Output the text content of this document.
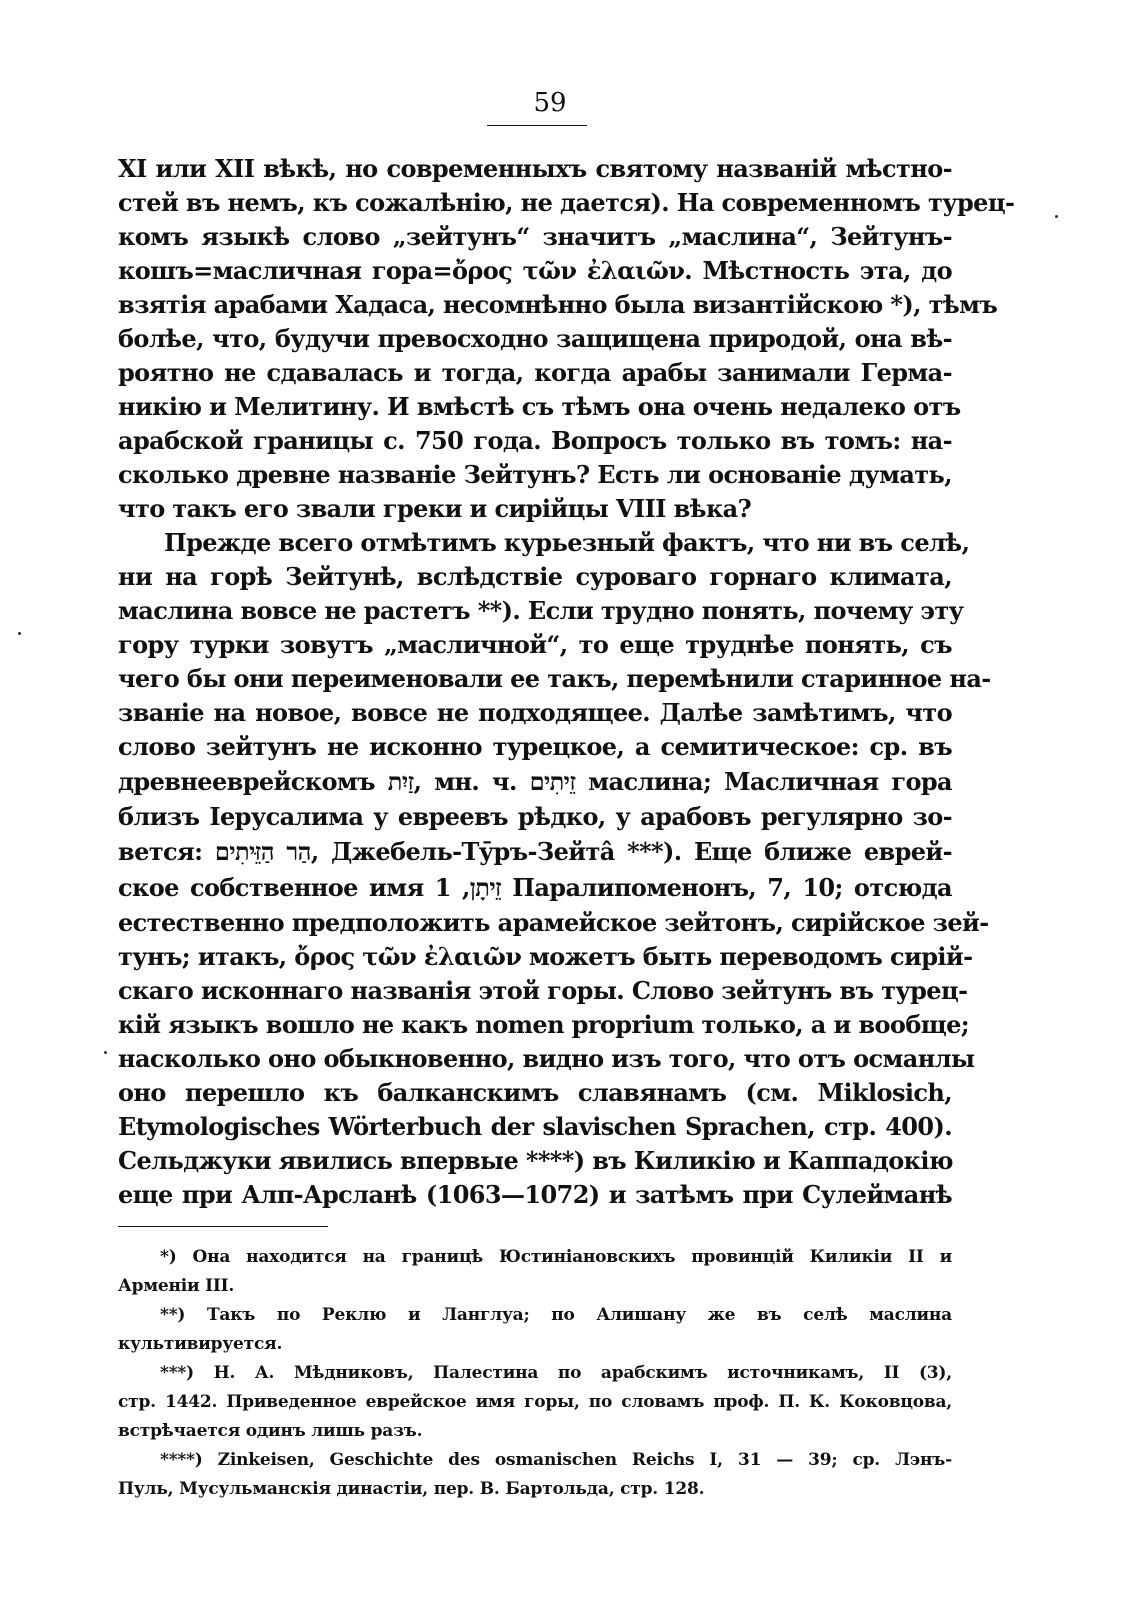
59
XI или XII вѣкѣ, но современныхъ святому названій мѣстно-
стей въ немъ, къ сожалѣнію, не дается). На современномъ турец-
комъ языкѣ слово „зейтунъ“ значитъ „маслина“, Зейтунъ-
кошъ=масличная гора=ὄρος τῶν ἐλαιῶν. Мѣстность эта, до
взятія арабами Хадаса, несомнѣнно была византійскою *), тѣмъ
болѣе, что, будучи превосходно защищена природой, она вѣ-
роятно не сдавалась и тогда, когда арабы занимали Герма-
никію и Мелитину. И вмѣстѣ съ тѣмъ она очень недалеко отъ
арабской границы с. 750 года. Вопросъ только въ томъ: на-
сколько древне названіе Зейтунъ? Есть ли основаніе думать,
что такъ его звали греки и сирійцы VIII вѣка?
Прежде всего отмѣтимъ курьезный фактъ, что ни въ селѣ,
ни на горѣ Зейтунѣ, вслѣдствіе суроваго горнаго климата,
маслина вовсе не растетъ **). Если трудно понять, почему эту
гору турки зовутъ „масличной“, то еще труднѣе понять, съ
чего бы они переименовали ее такъ, перемѣнили старинное на-
званіе на новое, вовсе не подходящее. Далѣе замѣтимъ, что
слово зейтунъ не исконно турецкое, а семитическое: ср. въ
древнееврейскомъ זַיִת, мн. ч. זֵיתִים маслина; Масличная гора
близъ Іерусалима у евреевъ рѣдко, у арабовъ регулярно зо-
вется: הַר הַזֵּיתִים, Джебель-Тӯръ-Зейтâ ***). Еще ближе еврей-
ское собственное имя זֵיתָן, 1 Паралипоменонъ, 7, 10; отсюда
естественно предположить арамейское зейтонъ, сирійское зей-
тунъ; итакъ, ὄρος τῶν ἐλαιῶν можетъ быть переводомъ сирій-
скаго исконнаго названія этой горы. Слово зейтунъ въ турец-
кій языкъ вошло не какъ nomen proprium только, а и вообще;
насколько оно обыкновенно, видно изъ того, что отъ османлы
оно перешло къ балканскимъ славянамъ (см. Miklosich,
Etymologisches Wörterbuch der slavischen Sprachen, стр. 400).
Сельджуки явились впервые ****) въ Киликію и Каппадокію
еще при Алп-Арсланѣ (1063—1072) и затѣмъ при Сулейманѣ
*) Она находится на границѣ Юстиніановскихъ провинцій Киликіи II и
Арменіи III.
**) Такъ по Реклю и Ланглуа; по Алишану же въ селѣ маслина
культивируется.
***) Н. А. Мѣдниковъ, Палестина по арабскимъ источникамъ, II (3),
стр. 1442. Приведенное еврейское имя горы, по словамъ проф. П. К. Коковцова,
встрѣчается одинъ лишь разъ.
****) Zinkeisen, Geschichte des osmanischen Reichs I, 31 — 39; ср. Лэнъ-
Пуль, Мусульманскія династіи, пер. В. Бартольда, стр. 128.
